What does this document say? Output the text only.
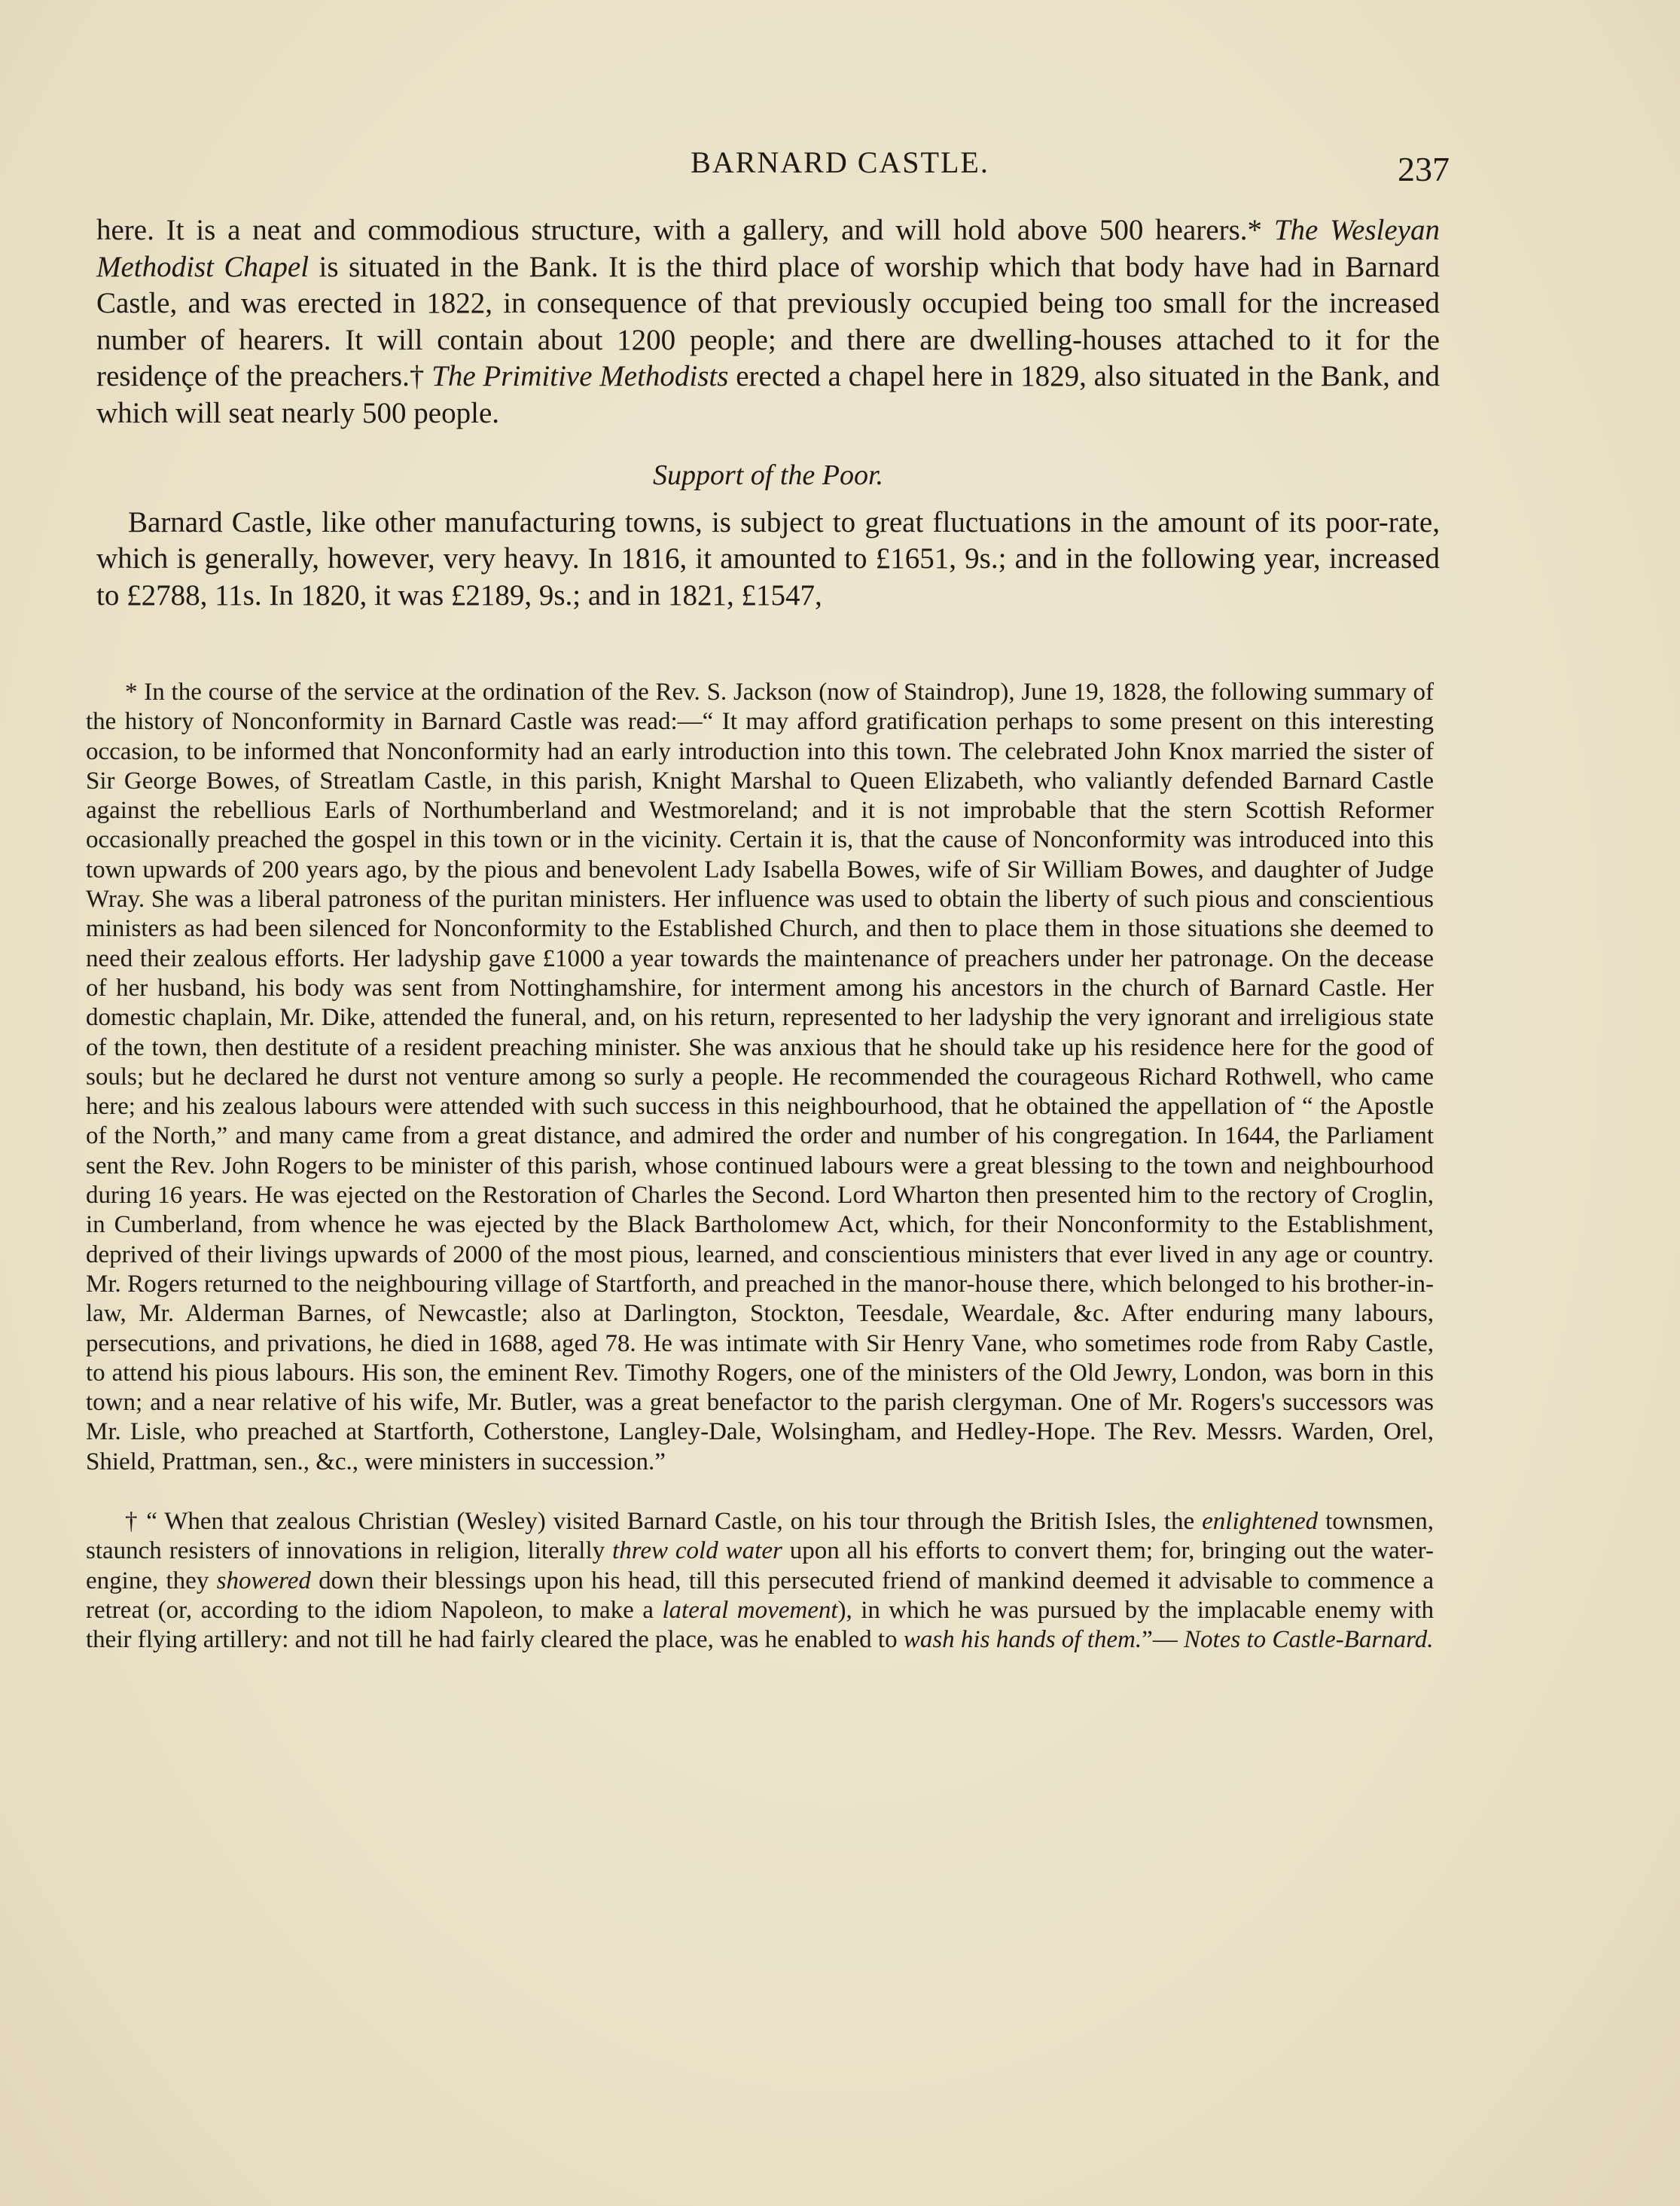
BARNARD CASTLE.	237

here. It is a neat and commodious structure, with a gallery, and will hold above 500 hearers.* The Wesleyan Methodist Chapel is situated in the Bank. It is the third place of worship which that body have had in Barnard Castle, and was erected in 1822, in consequence of that previously occupied being too small for the increased number of hearers. It will contain about 1200 people; and there are dwelling-houses attached to it for the residençe of the preachers.† The Primitive Methodists erected a chapel here in 1829, also situated in the Bank, and which will seat nearly 500 people.

Support of the Poor.

Barnard Castle, like other manufacturing towns, is subject to great fluctuations in the amount of its poor-rate, which is generally, however, very heavy. In 1816, it amounted to £1651, 9s.; and in the following year, increased to £2788, 11s. In 1820, it was £2189, 9s.; and in 1821, £1547,

* In the course of the service at the ordination of the Rev. S. Jackson (now of Staindrop), June 19, 1828, the following summary of the history of Nonconformity in Barnard Castle was read:—“ It may afford gratification perhaps to some present on this interesting occasion, to be informed that Nonconformity had an early introduction into this town. The celebrated John Knox married the sister of Sir George Bowes, of Streatlam Castle, in this parish, Knight Marshal to Queen Elizabeth, who valiantly defended Barnard Castle against the rebellious Earls of Northumberland and Westmoreland; and it is not improbable that the stern Scottish Reformer occasionally preached the gospel in this town or in the vicinity. Certain it is, that the cause of Nonconformity was introduced into this town upwards of 200 years ago, by the pious and benevolent Lady Isabella Bowes, wife of Sir William Bowes, and daughter of Judge Wray. She was a liberal patroness of the puritan ministers. Her influence was used to obtain the liberty of such pious and conscientious ministers as had been silenced for Nonconformity to the Established Church, and then to place them in those situations she deemed to need their zealous efforts. Her ladyship gave £1000 a year towards the maintenance of preachers under her patronage. On the decease of her husband, his body was sent from Nottinghamshire, for interment among his ancestors in the church of Barnard Castle. Her domestic chaplain, Mr. Dike, attended the funeral, and, on his return, represented to her ladyship the very ignorant and irreligious state of the town, then destitute of a resident preaching minister. She was anxious that he should take up his residence here for the good of souls; but he declared he durst not venture among so surly a people. He recommended the courageous Richard Rothwell, who came here; and his zealous labours were attended with such success in this neighbourhood, that he obtained the appellation of “ the Apostle of the North,” and many came from a great distance, and admired the order and number of his congregation. In 1644, the Parliament sent the Rev. John Rogers to be minister of this parish, whose continued labours were a great blessing to the town and neighbourhood during 16 years. He was ejected on the Restoration of Charles the Second. Lord Wharton then presented him to the rectory of Croglin, in Cumberland, from whence he was ejected by the Black Bartholomew Act, which, for their Nonconformity to the Establishment, deprived of their livings upwards of 2000 of the most pious, learned, and conscientious ministers that ever lived in any age or country. Mr. Rogers returned to the neighbouring village of Startforth, and preached in the manor-house there, which belonged to his brother-in-law, Mr. Alderman Barnes, of Newcastle; also at Darlington, Stockton, Teesdale, Weardale, &c. After enduring many labours, persecutions, and privations, he died in 1688, aged 78. He was intimate with Sir Henry Vane, who sometimes rode from Raby Castle, to attend his pious labours. His son, the eminent Rev. Timothy Rogers, one of the ministers of the Old Jewry, London, was born in this town; and a near relative of his wife, Mr. Butler, was a great benefactor to the parish clergyman. One of Mr. Rogers's successors was Mr. Lisle, who preached at Startforth, Cotherstone, Langley-Dale, Wolsingham, and Hedley-Hope. The Rev. Messrs. Warden, Orel, Shield, Prattman, sen., &c., were ministers in succession.”

† “ When that zealous Christian (Wesley) visited Barnard Castle, on his tour through the British Isles, the enlightened townsmen, staunch resisters of innovations in religion, literally threw cold water upon all his efforts to convert them; for, bringing out the water-engine, they showered down their blessings upon his head, till this persecuted friend of mankind deemed it advisable to commence a retreat (or, according to the idiom Napoleon, to make a lateral movement), in which he was pursued by the implacable enemy with their flying artillery: and not till he had fairly cleared the place, was he enabled to wash his hands of them.”— Notes to Castle-Barnard.
